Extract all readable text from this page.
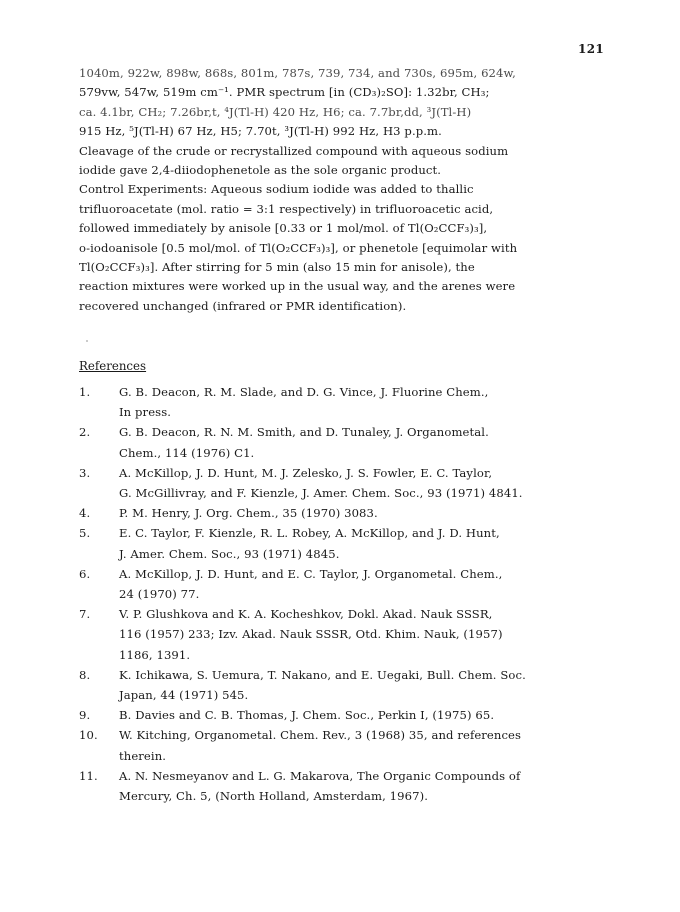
121
1040m, 922w, 898w, 868s, 801m, 787s, 739, 734, and 730s, 695m, 624w,
579vw, 547w, 519m cm⁻¹. PMR spectrum [in (CD₃)₂SO]: 1.32br, CH₃;
ca. 4.1br, CH₂; 7.26br,t, ⁴J(Tl-H) 420 Hz, H6; ca. 7.7br,dd, ³J(Tl-H)
915 Hz, ⁵J(Tl-H) 67 Hz, H5; 7.70t, ³J(Tl-H) 992 Hz, H3 p.p.m.
Cleavage of the crude or recrystallized compound with aqueous sodium
iodide gave 2,4-diiodophenetole as the sole organic product.
Control Experiments: Aqueous sodium iodide was added to thallic
trifluoroacetate (mol. ratio = 3:1 respectively) in trifluoroacetic acid,
followed immediately by anisole [0.33 or 1 mol/mol. of Tl(O₂CCF₃)₃],
o-iodoanisole [0.5 mol/mol. of Tl(O₂CCF₃)₃], or phenetole [equimolar with
Tl(O₂CCF₃)₃]. After stirring for 5 min (also 15 min for anisole), the
reaction mixtures were worked up in the usual way, and the arenes were
recovered unchanged (infrared or PMR identification).
References
1.	G. B. Deacon, R. M. Slade, and D. G. Vince, J. Fluorine Chem.,
In press.
2.	G. B. Deacon, R. N. M. Smith, and D. Tunaley, J. Organometal.
Chem., 114 (1976) C1.
3.	A. McKillop, J. D. Hunt, M. J. Zelesko, J. S. Fowler, E. C. Taylor,
G. McGillivray, and F. Kienzle, J. Amer. Chem. Soc., 93 (1971) 4841.
4.	P. M. Henry, J. Org. Chem., 35 (1970) 3083.
5.	E. C. Taylor, F. Kienzle, R. L. Robey, A. McKillop, and J. D. Hunt,
J. Amer. Chem. Soc., 93 (1971) 4845.
6.	A. McKillop, J. D. Hunt, and E. C. Taylor, J. Organometal. Chem.,
24 (1970) 77.
7.	V. P. Glushkova and K. A. Kocheshkov, Dokl. Akad. Nauk SSSR,
116 (1957) 233; Izv. Akad. Nauk SSSR, Otd. Khim. Nauk, (1957)
1186, 1391.
8.	K. Ichikawa, S. Uemura, T. Nakano, and E. Uegaki, Bull. Chem. Soc.
Japan, 44 (1971) 545.
9.	B. Davies and C. B. Thomas, J. Chem. Soc., Perkin I, (1975) 65.
10.	W. Kitching, Organometal. Chem. Rev., 3 (1968) 35, and references
therein.
11.	A. N. Nesmeyanov and L. G. Makarova, The Organic Compounds of
Mercury, Ch. 5, (North Holland, Amsterdam, 1967).
